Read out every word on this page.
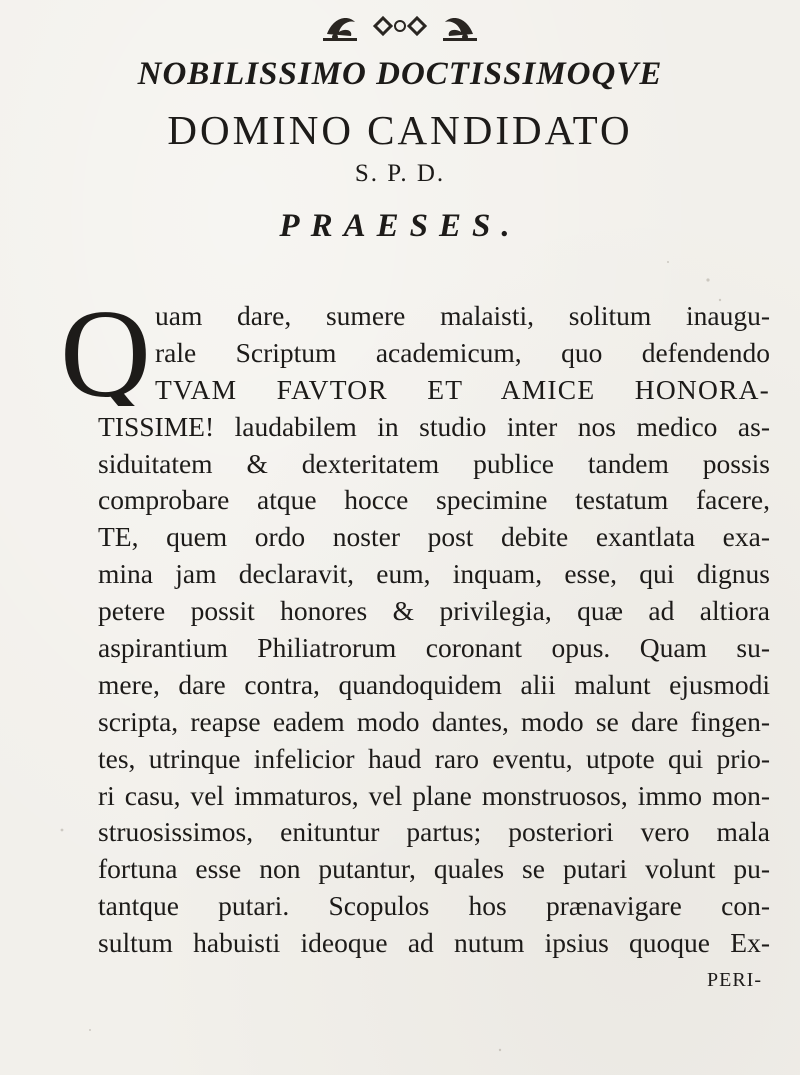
NOBILISSIMO DOCTISSIMOQVE
DOMINO CANDIDATO
S. P. D.
PRAESES.
Q uam dare, sumere malaisti, solitum inaugu-
rale Scriptum academicum, quo defendendo
TVAM FAVTOR ET AMICE HONORA-
TISSIME! laudabilem in studio inter nos medico as-
siduitatem & dexteritatem publice tandem possis
comprobare atque hocce specimine testatum facere,
TE, quem ordo noster post debite exantlata exa-
mina jam declaravit, eum, inquam, esse, qui dignus
petere possit honores & privilegia, quæ ad altiora
aspirantium Philiatrorum coronant opus. Quam su-
mere, dare contra, quandoquidem alii malunt ejusmodi
scripta, reapse eadem modo dantes, modo se dare fingen-
tes, utrinque infelicior haud raro eventu, utpote qui prio-
ri casu, vel immaturos, vel plane monstruosos, immo mon-
struosissimos, enituntur partus; posteriori vero mala
fortuna esse non putantur, quales se putari volunt pu-
tantque putari. Scopulos hos prænavigare con-
sultum habuisti ideoque ad nutum ipsius quoque Ex-
PERI-
